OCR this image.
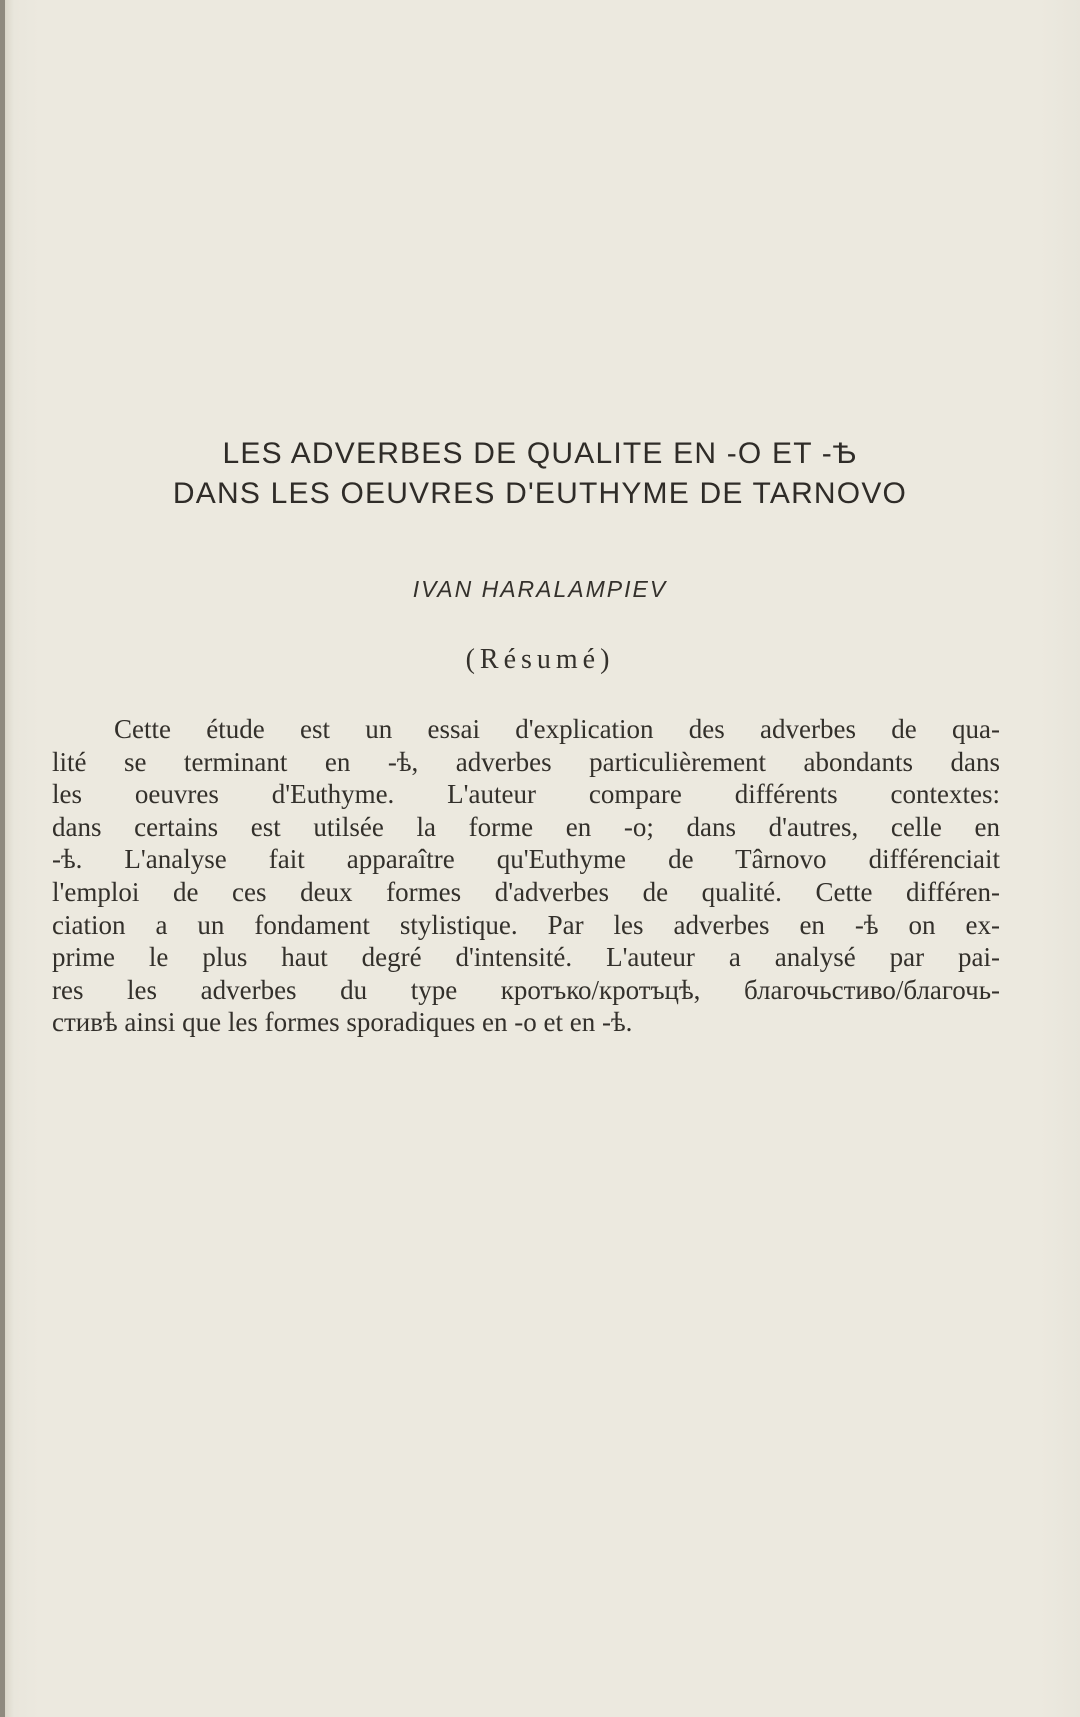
LES ADVERBES DE QUALITE EN -O ET -Ѣ
DANS LES OEUVRES D'EUTHYME DE TARNOVO
IVAN HARALAMPIEV
(Résumé)
Cette étude est un essai d'explication des adverbes de qua-
lité se terminant en -ѣ, adverbes particulièrement abondants dans
les oeuvres d'Euthyme. L'auteur compare différents contextes:
dans certains est utilsée la forme en -o; dans d'autres, celle en
-ѣ. L'analyse fait apparaître qu'Euthyme de Târnovo différenciait
l'emploi de ces deux formes d'adverbes de qualité. Cette différen-
ciation a un fondament stylistique. Par les adverbes en -ѣ on ex-
prime le plus haut degré d'intensité. L'auteur a analysé par pai-
res les adverbes du type кротъко/кротъцѣ, благочьстиво/благочь-
стивѣ ainsi que les formes sporadiques en -o et en -ѣ.
